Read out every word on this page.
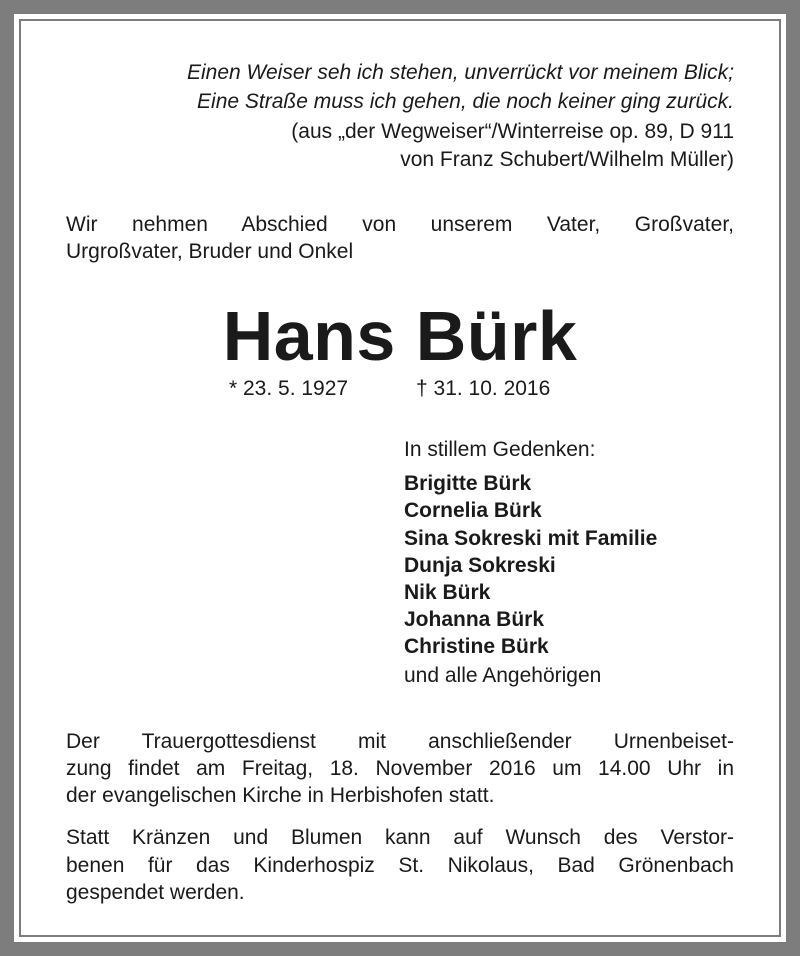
Einen Weiser seh ich stehen, unverrückt vor meinem Blick;
Eine Straße muss ich gehen, die noch keiner ging zurück.
(aus „der Wegweiser“/Winterreise op. 89, D 911
von Franz Schubert/Wilhelm Müller)
Wir nehmen Abschied von unserem Vater, Großvater,
Urgroßvater, Bruder und Onkel
Hans Bürk
* 23. 5. 1927	† 31. 10. 2016
In stillem Gedenken:
Brigitte Bürk
Cornelia Bürk
Sina Sokreski mit Familie
Dunja Sokreski
Nik Bürk
Johanna Bürk
Christine Bürk
und alle Angehörigen
Der Trauergottesdienst mit anschließender Urnenbeiset-
zung findet am Freitag, 18. November 2016 um 14.00 Uhr in
der evangelischen Kirche in Herbishofen statt.
Statt Kränzen und Blumen kann auf Wunsch des Verstor-
benen für das Kinderhospiz St. Nikolaus, Bad Grönenbach
gespendet werden.
